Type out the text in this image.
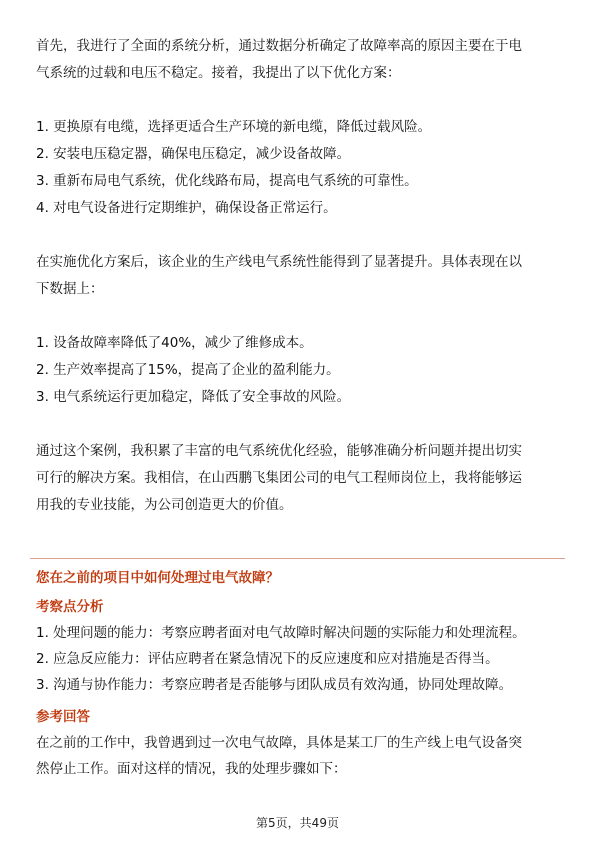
首先，我进行了全面的系统分析，通过数据分析确定了故障率高的原因主要在于电

气系统的过载和电压不稳定。接着，我提出了以下优化方案：

1. 更换原有电缆，选择更适合生产环境的新电缆，降低过载风险。

2. 安装电压稳定器，确保电压稳定，减少设备故障。

3. 重新布局电气系统，优化线路布局，提高电气系统的可靠性。

4. 对电气设备进行定期维护，确保设备正常运行。

在实施优化方案后，该企业的生产线电气系统性能得到了显著提升。具体表现在以

下数据上：

1. 设备故障率降低了40%，减少了维修成本。

2. 生产效率提高了15%，提高了企业的盈利能力。

3. 电气系统运行更加稳定，降低了安全事故的风险。

通过这个案例，我积累了丰富的电气系统优化经验，能够准确分析问题并提出切实

可行的解决方案。我相信，在山西鹏飞集团公司的电气工程师岗位上，我将能够运

用我的专业技能，为公司创造更大的价值。

您在之前的项目中如何处理过电气故障？

考察点分析

1. 处理问题的能力：考察应聘者面对电气故障时解决问题的实际能力和处理流程。

2. 应急反应能力：评估应聘者在紧急情况下的反应速度和应对措施是否得当。

3. 沟通与协作能力：考察应聘者是否能够与团队成员有效沟通，协同处理故障。

参考回答

在之前的工作中，我曾遇到过一次电气故障，具体是某工厂的生产线上电气设备突

然停止工作。面对这样的情况，我的处理步骤如下：

第5页，共49页
